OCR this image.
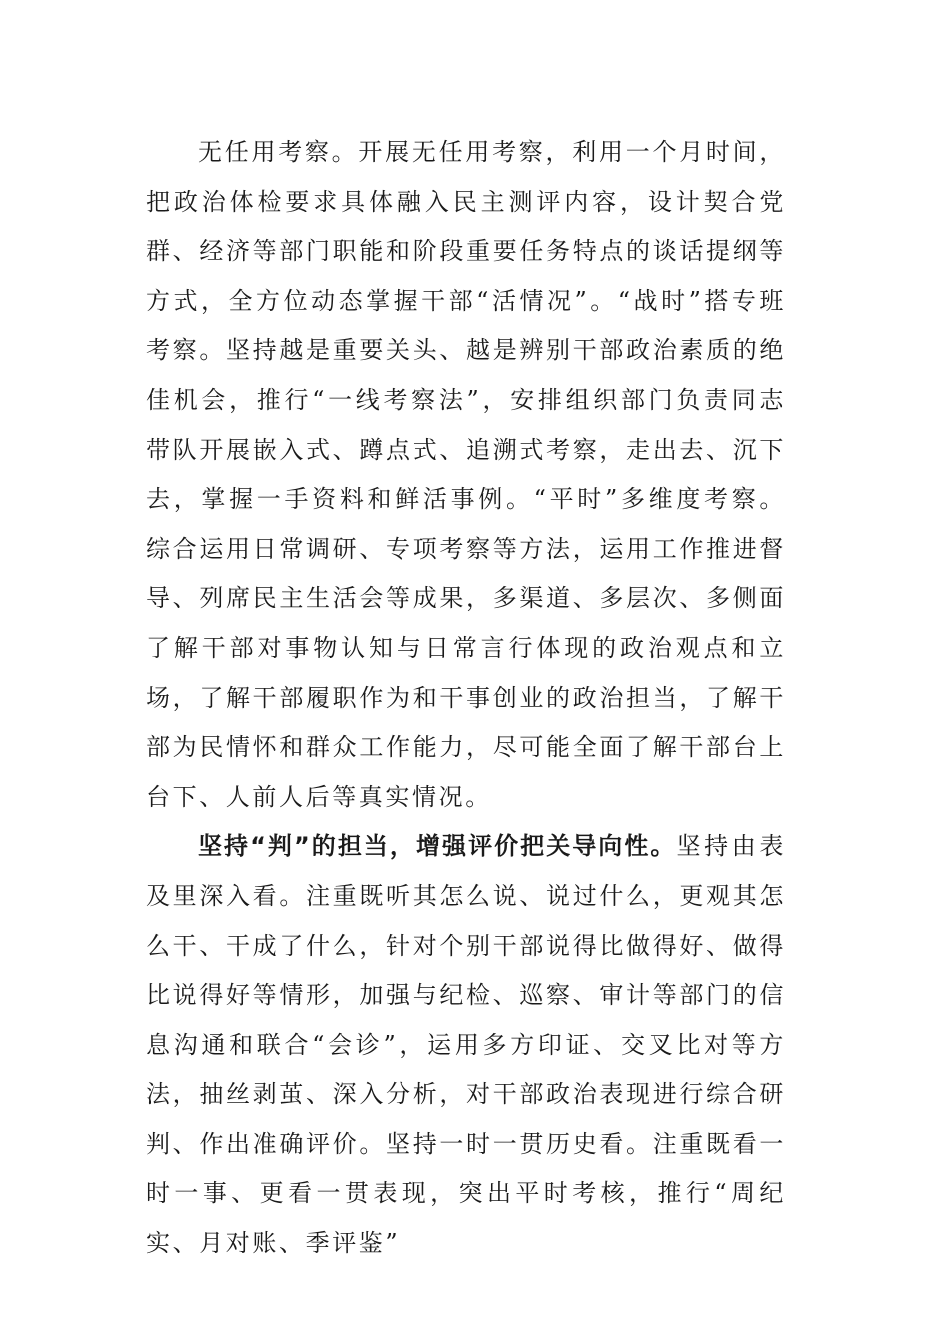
无任用考察。开展无任用考察，利用一个月时间，把政治体检要求具体融入民主测评内容，设计契合党群、经济等部门职能和阶段重要任务特点的谈话提纲等方式，全方位动态掌握干部“活情况”。“战时”搭专班考察。坚持越是重要关头、越是辨别干部政治素质的绝佳机会，推行“一线考察法”，安排组织部门负责同志带队开展嵌入式、蹲点式、追溯式考察，走出去、沉下去，掌握一手资料和鲜活事例。“平时”多维度考察。综合运用日常调研、专项考察等方法，运用工作推进督导、列席民主生活会等成果，多渠道、多层次、多侧面了解干部对事物认知与日常言行体现的政治观点和立场，了解干部履职作为和干事创业的政治担当，了解干部为民情怀和群众工作能力，尽可能全面了解干部台上台下、人前人后等真实情况。

坚持“判”的担当，增强评价把关导向性。坚持由表及里深入看。注重既听其怎么说、说过什么，更观其怎么干、干成了什么，针对个别干部说得比做得好、做得比说得好等情形，加强与纪检、巡察、审计等部门的信息沟通和联合“会诊”，运用多方印证、交叉比对等方法，抽丝剥茧、深入分析，对干部政治表现进行综合研判、作出准确评价。坚持一时一贯历史看。注重既看一时一事、更看一贯表现，突出平时考核，推行“周纪实、月对账、季评鉴”
